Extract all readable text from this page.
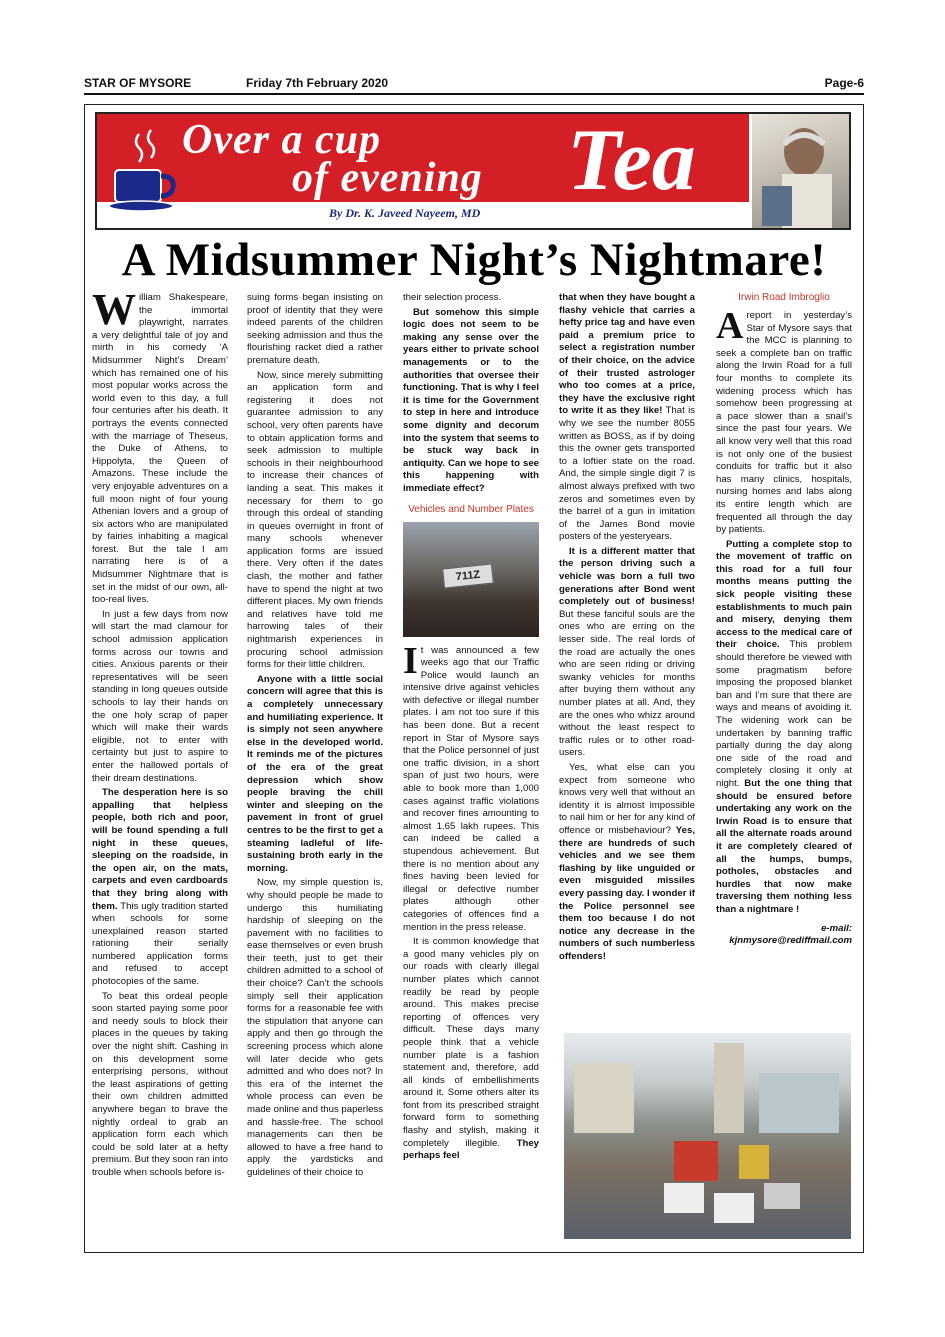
STAR OF MYSORE	Friday 7th February 2020	Page-6
Over a cup
of evening Tea
By Dr. K. Javeed Nayeem, MD
A Midsummer Night’s Nightmare!

William Shakespeare, the immortal playwright, narrates a very delightful tale of joy and mirth in his comedy ‘A Midsummer Night’s Dream’ which has remained one of his most popular works across the world even to this day, a full four centuries after his death. It portrays the events connected with the marriage of Theseus, the Duke of Athens, to Hippolyta, the Queen of Amazons. These include the very enjoyable adventures on a full moon night of four young Athenian lovers and a group of six actors who are manipulated by fairies inhabiting a magical forest. But the tale I am narrating here is of a Midsummer Nightmare that is set in the midst of our own, all-too-real lives.

In just a few days from now will start the mad clamour for school admission application forms across our towns and cities. Anxious parents or their representatives will be seen standing in long queues outside schools to lay their hands on the one holy scrap of paper which will make their wards eligible, not to enter with certainty but just to aspire to enter the hallowed portals of their dream destinations.

The desperation here is so appalling that helpless people, both rich and poor, will be found spending a full night in these queues, sleeping on the roadside, in the open air, on the mats, carpets and even cardboards that they bring along with them. This ugly tradition started when schools for some unexplained reason started rationing their serially numbered application forms and refused to accept photocopies of the same.

To beat this ordeal people soon started paying some poor and needy souls to block their places in the queues by taking over the night shift. Cashing in on this development some enterprising persons, without the least aspirations of getting their own children admitted anywhere began to brave the nightly ordeal to grab an application form each which could be sold later at a hefty premium. But they soon ran into trouble when schools before is-

suing forms began insisting on proof of identity that they were indeed parents of the children seeking admission and thus the flourishing racket died a rather premature death.

Now, since merely submitting an application form and registering it does not guarantee admission to any school, very often parents have to obtain application forms and seek admission to multiple schools in their neighbourhood to increase their chances of landing a seat. This makes it necessary for them to go through this ordeal of standing in queues overnight in front of many schools whenever application forms are issued there. Very often if the dates clash, the mother and father have to spend the night at two different places. My own friends and relatives have told me harrowing tales of their nightmarish experiences in procuring school admission forms for their little children.

Anyone with a little social concern will agree that this is a completely unnecessary and humiliating experience. It is simply not seen anywhere else in the developed world. It reminds me of the pictures of the era of the great depression which show people braving the chill winter and sleeping on the pavement in front of gruel centres to be the first to get a steaming ladleful of life-sustaining broth early in the morning.

Now, my simple question is, why should people be made to undergo this humiliating hardship of sleeping on the pavement with no facilities to ease themselves or even brush their teeth, just to get their children admitted to a school of their choice? Can’t the schools simply sell their application forms for a reasonable fee with the stipulation that anyone can apply and then go through the screening process which alone will later decide who gets admitted and who does not? In this era of the internet the whole process can even be made online and thus paperless and hassle-free. The school managements can then be allowed to have a free hand to apply the yardsticks and guidelines of their choice to

their selection process.

But somehow this simple logic does not seem to be making any sense over the years either to private school managements or to the authorities that oversee their functioning. That is why I feel it is time for the Government to step in here and introduce some dignity and decorum into the system that seems to be stuck way back in antiquity. Can we hope to see this happening with immediate effect?

Vehicles and Number Plates
711Z

It was announced a few weeks ago that our Traffic Police would launch an intensive drive against vehicles with defective or illegal number plates. I am not too sure if this has been done. But a recent report in Star of Mysore says that the Police personnel of just one traffic division, in a short span of just two hours, were able to book more than 1,000 cases against traffic violations and recover fines amounting to almost 1.65 lakh rupees. This can indeed be called a stupendous achievement. But there is no mention about any fines having been levied for illegal or defective number plates although other categories of offences find a mention in the press release.

It is common knowledge that a good many vehicles ply on our roads with clearly illegal number plates which cannot readily be read by people around. This makes precise reporting of offences very difficult. These days many people think that a vehicle number plate is a fashion statement and, therefore, add all kinds of embellishments around it. Some others alter its font from its prescribed straight forward form to something flashy and stylish, making it completely illegible. They perhaps feel

that when they have bought a flashy vehicle that carries a hefty price tag and have even paid a premium price to select a registration number of their choice, on the advice of their trusted astrologer who too comes at a price, they have the exclusive right to write it as they like! That is why we see the number 8055 written as BOSS, as if by doing this the owner gets transported to a loftier state on the road. And, the simple single digit 7 is almost always prefixed with two zeros and sometimes even by the barrel of a gun in imitation of the James Bond movie posters of the yesteryears.

It is a different matter that the person driving such a vehicle was born a full two generations after Bond went completely out of business! But these fanciful souls are the ones who are erring on the lesser side. The real lords of the road are actually the ones who are seen riding or driving swanky vehicles for months after buying them without any number plates at all. And, they are the ones who whizz around without the least respect to traffic rules or to other road-users.

Yes, what else can you expect from someone who knows very well that without an identity it is almost impossible to nail him or her for any kind of offence or misbehaviour? Yes, there are hundreds of such vehicles and we see them flashing by like unguided or even misguided missiles every passing day. I wonder if the Police personnel see them too because I do not notice any decrease in the numbers of such numberless offenders!

Irwin Road Imbroglio

Areport in yesterday’s Star of Mysore says that the MCC is planning to seek a complete ban on traffic along the Irwin Road for a full four months to complete its widening process which has somehow been progressing at a pace slower than a snail’s since the past four years. We all know very well that this road is not only one of the busiest conduits for traffic but it also has many clinics, hospitals, nursing homes and labs along its entire length which are frequented all through the day by patients.

Putting a complete stop to the movement of traffic on this road for a full four months means putting the sick people visiting these establishments to much pain and misery, denying them access to the medical care of their choice. This problem should therefore be viewed with some pragmatism before imposing the proposed blanket ban and I’m sure that there are ways and means of avoiding it. The widening work can be undertaken by banning traffic partially during the day along one side of the road and completely closing it only at night. But the one thing that should be ensured before undertaking any work on the Irwin Road is to ensure that all the alternate roads around it are completely cleared of all the humps, bumps, potholes, obstacles and hurdles that now make traversing them nothing less than a nightmare !

e-mail:
kjnmysore@rediffmail.com
